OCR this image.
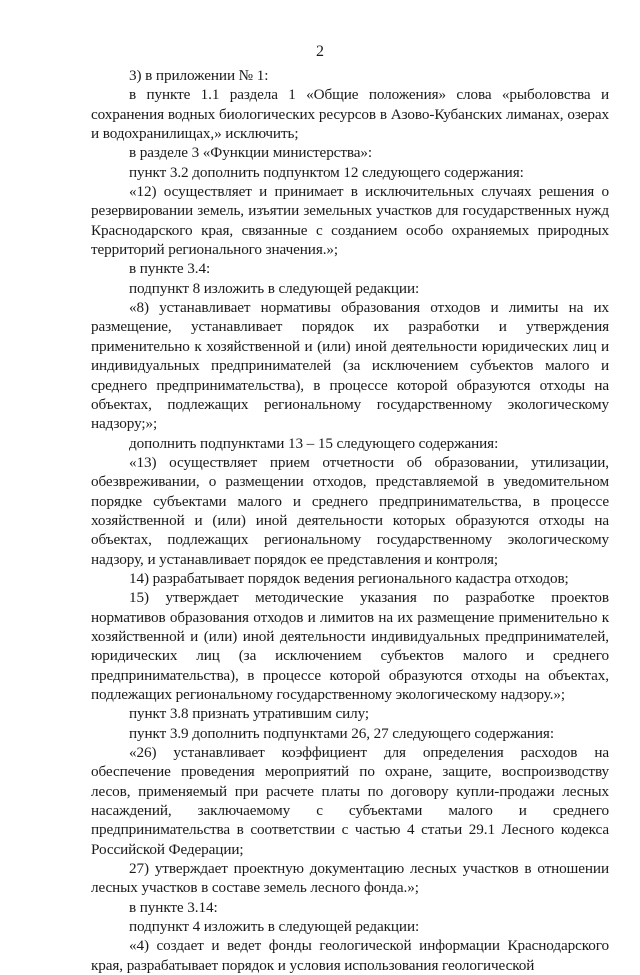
2

3) в приложении № 1:

в пункте 1.1 раздела 1 «Общие положения» слова «рыболовства и сохранения водных биологических ресурсов в Азово-Кубанских лиманах, озерах и водохранилищах,» исключить;

в разделе 3 «Функции министерства»:

пункт 3.2 дополнить подпунктом 12 следующего содержания:

«12) осуществляет и принимает в исключительных случаях решения о резервировании земель, изъятии земельных участков для государственных нужд Краснодарского края, связанные с созданием особо охраняемых природных территорий регионального значения.»;

в пункте 3.4:

подпункт 8 изложить в следующей редакции:

«8) устанавливает нормативы образования отходов и лимиты на их размещение, устанавливает порядок их разработки и утверждения применительно к хозяйственной и (или) иной деятельности юридических лиц и индивидуальных предпринимателей (за исключением субъектов малого и среднего предпринимательства), в процессе которой образуются отходы на объектах, подлежащих региональному государственному экологическому надзору;»;

дополнить подпунктами 13 – 15 следующего содержания:

«13) осуществляет прием отчетности об образовании, утилизации, обезвреживании, о размещении отходов, представляемой в уведомительном порядке субъектами малого и среднего предпринимательства, в процессе хозяйственной и (или) иной деятельности которых образуются отходы на объектах, подлежащих региональному государственному экологическому надзору, и устанавливает порядок ее представления и контроля;

14) разрабатывает порядок ведения регионального кадастра отходов;

15) утверждает методические указания по разработке проектов нормативов образования отходов и лимитов на их размещение применительно к хозяйственной и (или) иной деятельности индивидуальных предпринимателей, юридических лиц (за исключением субъектов малого и среднего предпринимательства), в процессе которой образуются отходы на объектах, подлежащих региональному государственному экологическому надзору.»;

пункт 3.8 признать утратившим силу;

пункт 3.9 дополнить подпунктами 26, 27 следующего содержания:

«26) устанавливает коэффициент для определения расходов на обеспечение проведения мероприятий по охране, защите, воспроизводству лесов, применяемый при расчете платы по договору купли-продажи лесных насаждений, заключаемому с субъектами малого и среднего предпринимательства в соответствии с частью 4 статьи 29.1 Лесного кодекса Российской Федерации;

27) утверждает проектную документацию лесных участков в отношении лесных участков в составе земель лесного фонда.»;

в пункте 3.14:

подпункт 4 изложить в следующей редакции:

«4) создает и ведет фонды геологической информации Краснодарского края, разрабатывает порядок и условия использования геологической
